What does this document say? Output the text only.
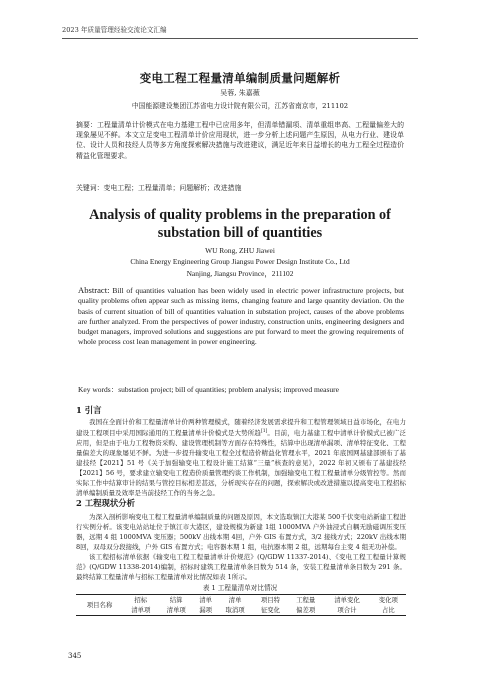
2023 年质量管理经验交流论文汇编
变电工程工程量清单编制质量问题解析
吴蓉, 朱嘉薇
中国能源建设集团江苏省电力设计院有限公司，江苏省南京市，211102
摘要：工程量清单计价模式在电力基建工程中已应用多年，但清单错漏项、清单重组串高、工程量偏差大的现象屡见不鲜。本文立足变电工程清单计价应用现状，进一步分析上述问题产生原因，从电力行业、建设单位、设计人员和技经人员等多方角度探索解决措施与改进建议，满足近年来日益增长的电力工程全过程造价精益化管理要求。
关键词：变电工程；工程量清单；问题解析；改进措施
Analysis of quality problems in the preparation of substation bill of quantities
WU Rong, ZHU Jiawei
China Energy Engineering Group Jiangsu Power Design Institute Co., Ltd
Nanjing, Jiangsu Province，211102
Abstract: Bill of quantities valuation has been widely used in electric power infrastructure projects, but quality problems often appear such as missing items, changing feature and large quantity deviation. On the basis of current situation of bill of quantities valuation in substation project, causes of the above problems are further analyzed. From the perspectives of power industry, construction units, engineering designers and budget managers, improved solutions and suggestions are put forward to meet the growing requirements of whole process cost lean management in power engineering.
Key words：substation project; bill of quantities; problem analysis; improved measure
1 引言

我国在全面计价和工程量清单计价两种管理模式，随着经济发展需求提升和工程管理领域日益市场化，在电力建设工程项目中采用国际通用的工程量清单计价模式是大势所趋[1]。目前，电力基建工程中清单计价模式已被广泛应用，但是由于电力工程物资采购、建设管理机制等方面存在特殊性，结算中出现清单漏项、清单特征变化、工程量偏差大的现象屡见不鲜。为进一步提升输变电工程全过程造价精益化管理水平，2021 年底国网基建部颁布了基建技经【2021】51 号《关于加强输变电工程设计施工结算“三量”核查的意见》，2022 年初又颁布了基建技经【2021】56 号，要求建立输变电工程造价质量管理约谈工作机制，加强输变电工程工程量清单分级管控等。然而实际工作中结算审计的结果与管控目标相差甚远，分析现实存在的问题，探索解决或改进措施以提高变电工程招标清单编制质量及效率是当前技经工作的当务之急。

2 工程现状分析

为深入剖析影响变电工程工程量清单编制质量的问题及原因，本文选取镇江大港某 500千伏变电站新建工程进行实例分析。该变电站站址位于镇江市大港区，建设规模为新建 1组 1000MVA 户外油浸式自耦无励磁调压变压器，远期 4 组 1000MVA 变压器；500kV 出线本期 4回，户外 GIS 布置方式，3/2 接线方式；220kV 出线本期 8回，双母双分段接线，户外 GIS 布置方式；电容器本期 1 组，电抗器本期 2 组，远期每台主变 4 组无功补偿。

该工程招标清单依据《输变电工程工程量清单计价规范》(Q/GDW 11337-2014)、《变电工程工程量计算规范》(Q/GDW 11338-2014)编制，招标时建筑工程量清单条目数为 514 条，安装工程量清单条目数为 291 条。最终结算工程量清单与招标工程量清单对比情况如表 1所示。

表 1 工程量清单对比情况
项目名称	招标	结算	清单	清单	项目特	工程量	清单变化	变化项
	清单项	清单项	漏项	取消项	征变化	偏差项	项合计	占比
345
